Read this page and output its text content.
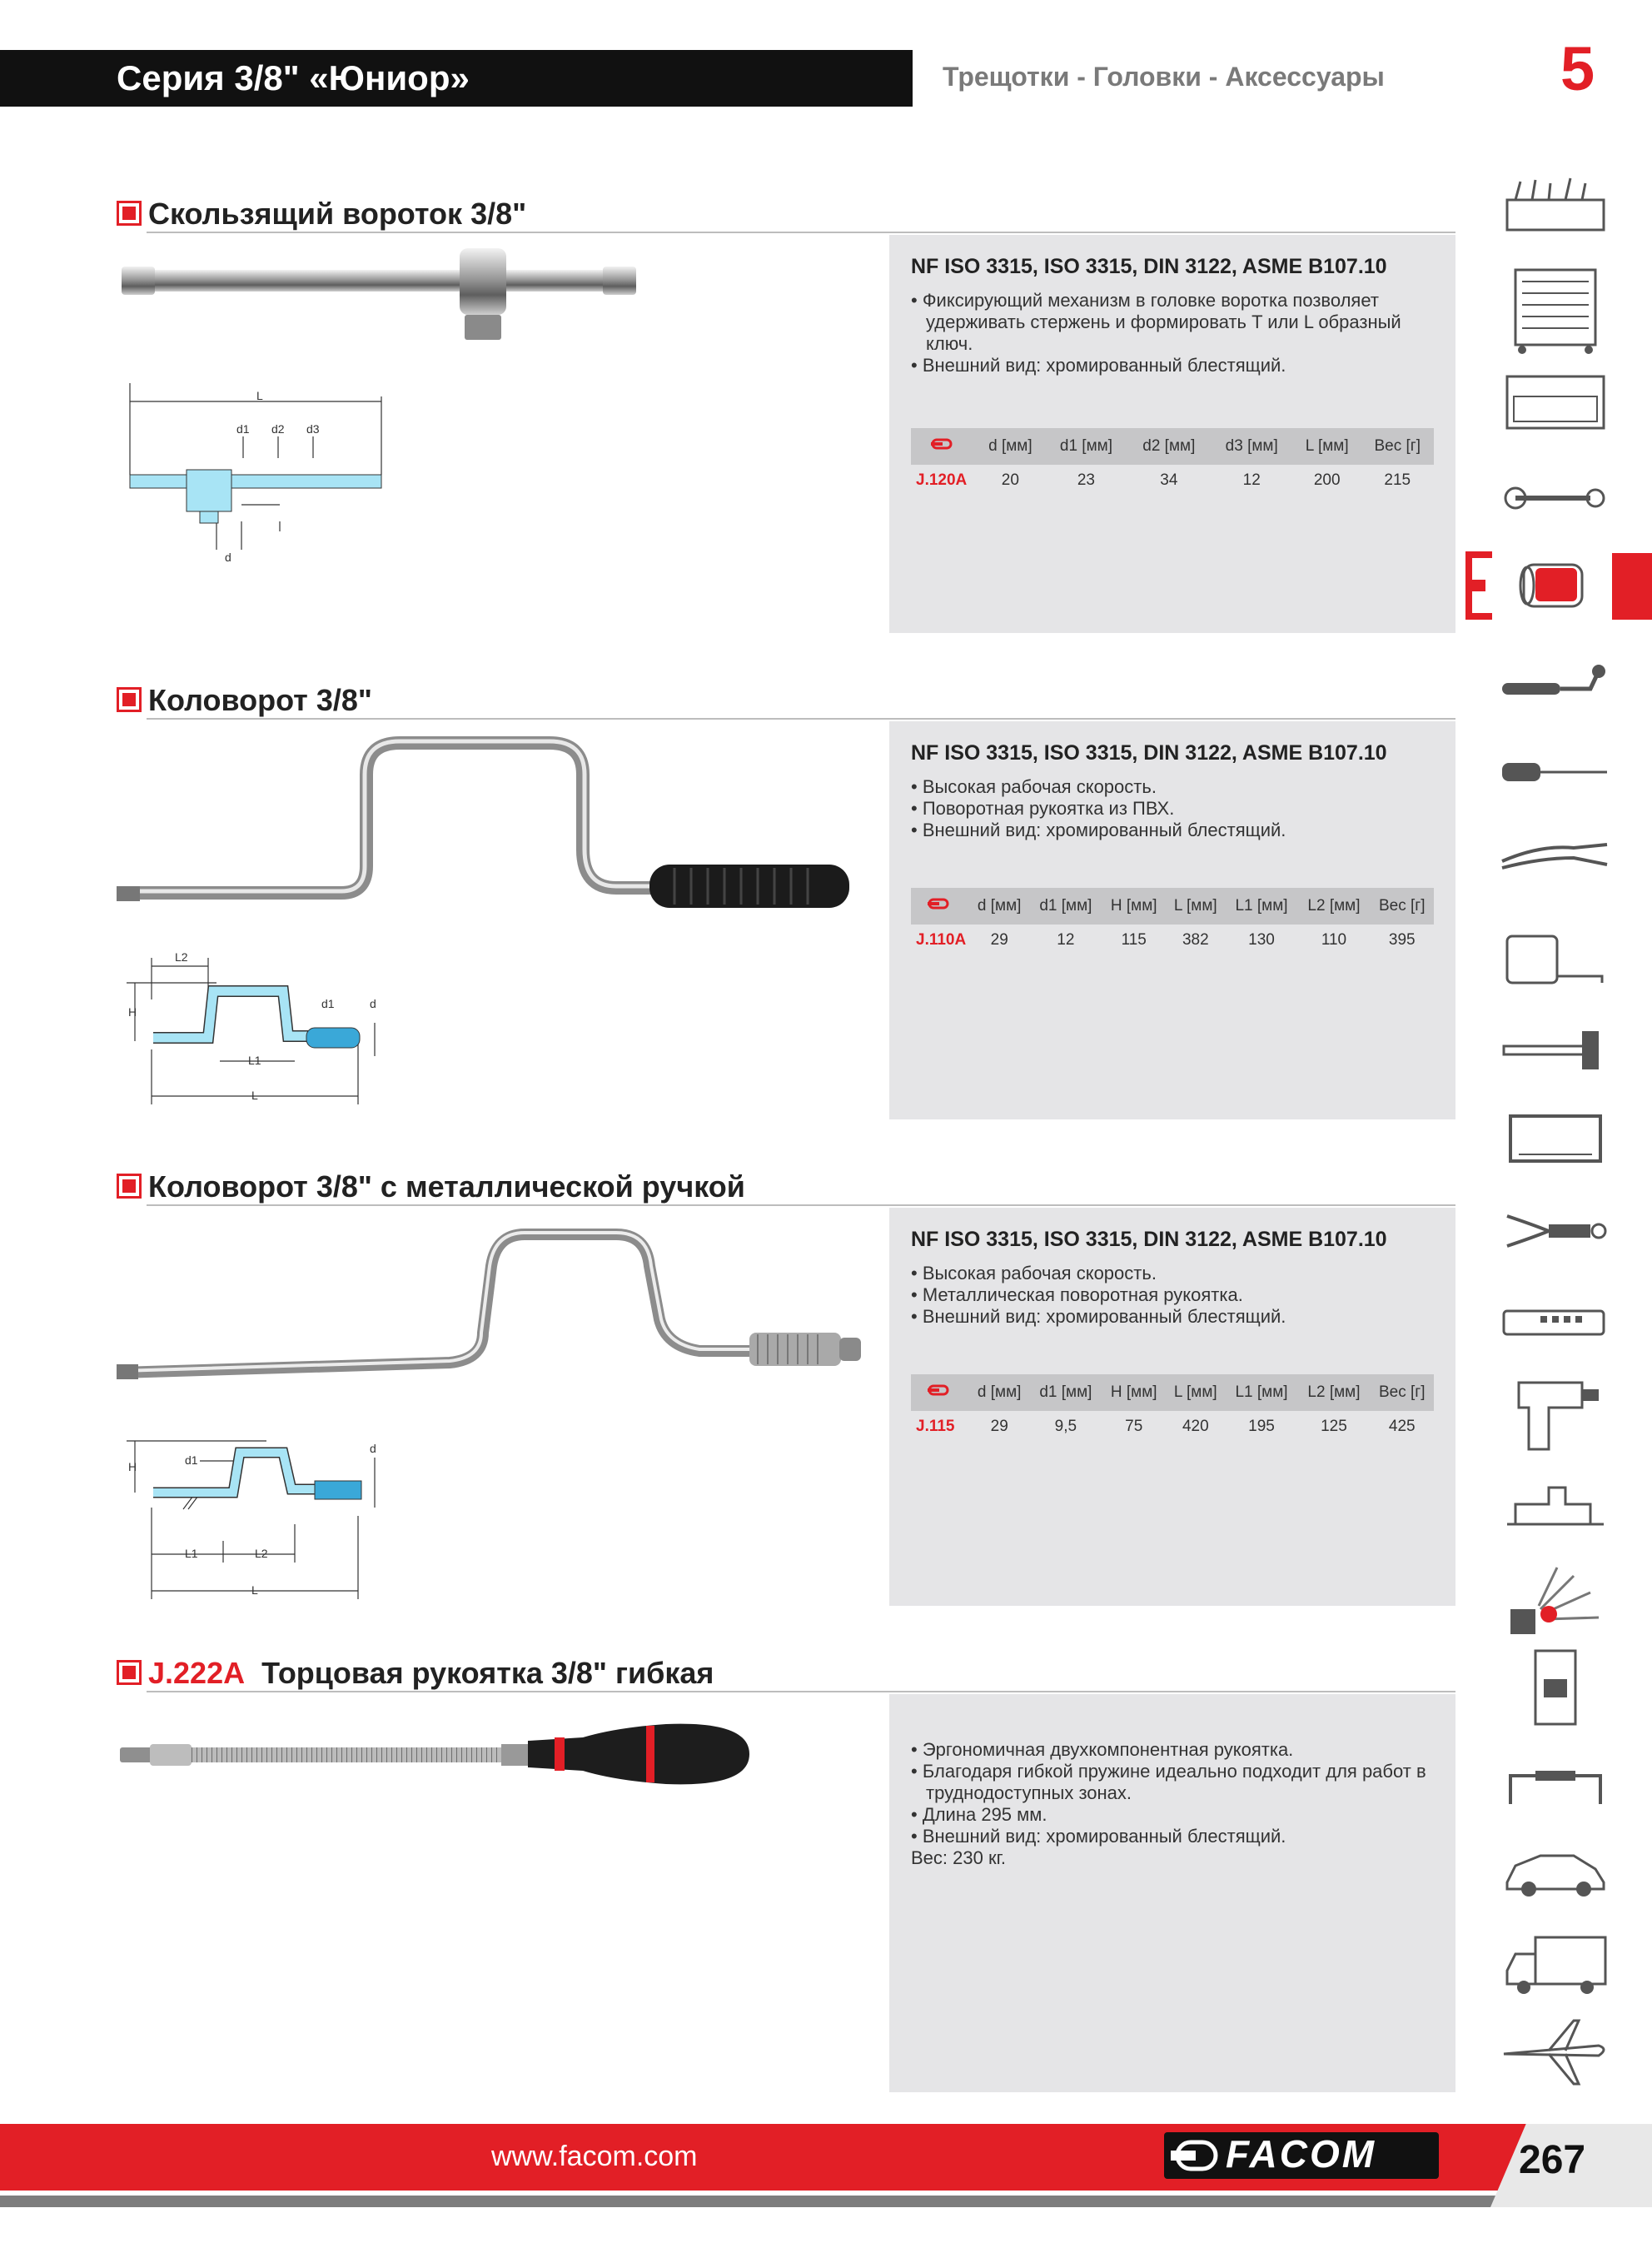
Серия 3/8" «Юниор»	Трещотки - Головки - Аксессуары	5
Скользящий вороток 3/8"
L
d1 d2 d3
d
NF ISO 3315, ISO 3315, DIN 3122, ASME B107.10
• Фиксирующий механизм в головке воротка позволяет удерживать стержень и формировать T или L образный ключ.
• Внешний вид: хромированный блестящий.
	d [мм]	d1 [мм]	d2 [мм]	d3 [мм]	L [мм]	Вес [г]
J.120A	20	23	34	12	200	215
Коловорот 3/8"
L2
H
d1	d
L1
L
NF ISO 3315, ISO 3315, DIN 3122, ASME B107.10
• Высокая рабочая скорость.
• Поворотная рукоятка из ПВХ.
• Внешний вид: хромированный блестящий.
	d [мм]	d1 [мм]	H [мм]	L [мм]	L1 [мм]	L2 [мм]	Вес [г]
J.110A	29	12	115	382	130	110	395
Коловорот 3/8" с металлической ручкой
H	d1
d
L1	L2
L
NF ISO 3315, ISO 3315, DIN 3122, ASME B107.10
• Высокая рабочая скорость.
• Металлическая поворотная рукоятка.
• Внешний вид: хромированный блестящий.
	d [мм]	d1 [мм]	H [мм]	L [мм]	L1 [мм]	L2 [мм]	Вес [г]
J.115	29	9,5	75	420	195	125	425
J.222A Торцовая рукоятка 3/8" гибкая
• Эргономичная двухкомпонентная рукоятка.
• Благодаря гибкой пружине идеально подходит для работ в труднодоступных зонах.
• Длина 295 мм.
• Внешний вид: хромированный блестящий.
Вес: 230 кг.
www.facom.com	FACOM	267
